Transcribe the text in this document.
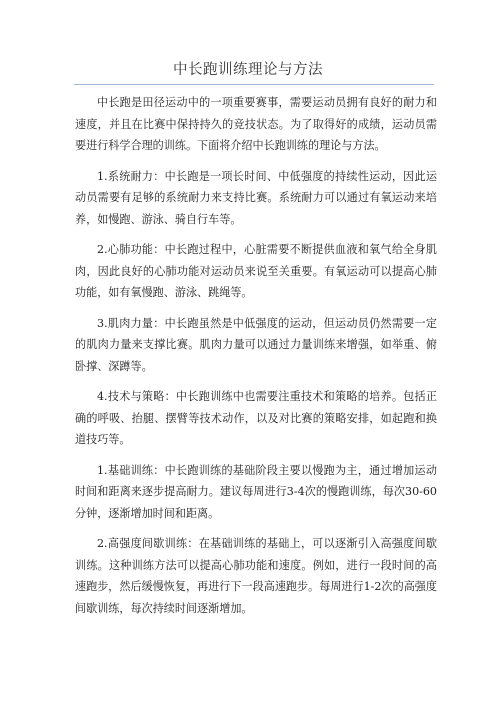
中长跑训练理论与方法

中长跑是田径运动中的一项重要赛事，需要运动员拥有良好的耐力和速度，并且在比赛中保持持久的竞技状态。为了取得好的成绩，运动员需要进行科学合理的训练。下面将介绍中长跑训练的理论与方法。

1.系统耐力：中长跑是一项长时间、中低强度的持续性运动，因此运动员需要有足够的系统耐力来支持比赛。系统耐力可以通过有氧运动来培养，如慢跑、游泳、骑自行车等。

2.心肺功能：中长跑过程中，心脏需要不断提供血液和氧气给全身肌肉，因此良好的心肺功能对运动员来说至关重要。有氧运动可以提高心肺功能，如有氧慢跑、游泳、跳绳等。

3.肌肉力量：中长跑虽然是中低强度的运动，但运动员仍然需要一定的肌肉力量来支撑比赛。肌肉力量可以通过力量训练来增强，如举重、俯卧撑、深蹲等。

4.技术与策略：中长跑训练中也需要注重技术和策略的培养。包括正确的呼吸、抬腿、摆臂等技术动作，以及对比赛的策略安排，如起跑和换道技巧等。

1.基础训练：中长跑训练的基础阶段主要以慢跑为主，通过增加运动时间和距离来逐步提高耐力。建议每周进行3-4次的慢跑训练，每次30-60分钟，逐渐增加时间和距离。

2.高强度间歇训练：在基础训练的基础上，可以逐渐引入高强度间歇训练。这种训练方法可以提高心肺功能和速度。例如，进行一段时间的高速跑步，然后缓慢恢复，再进行下一段高速跑步。每周进行1-2次的高强度间歇训练，每次持续时间逐渐增加。
